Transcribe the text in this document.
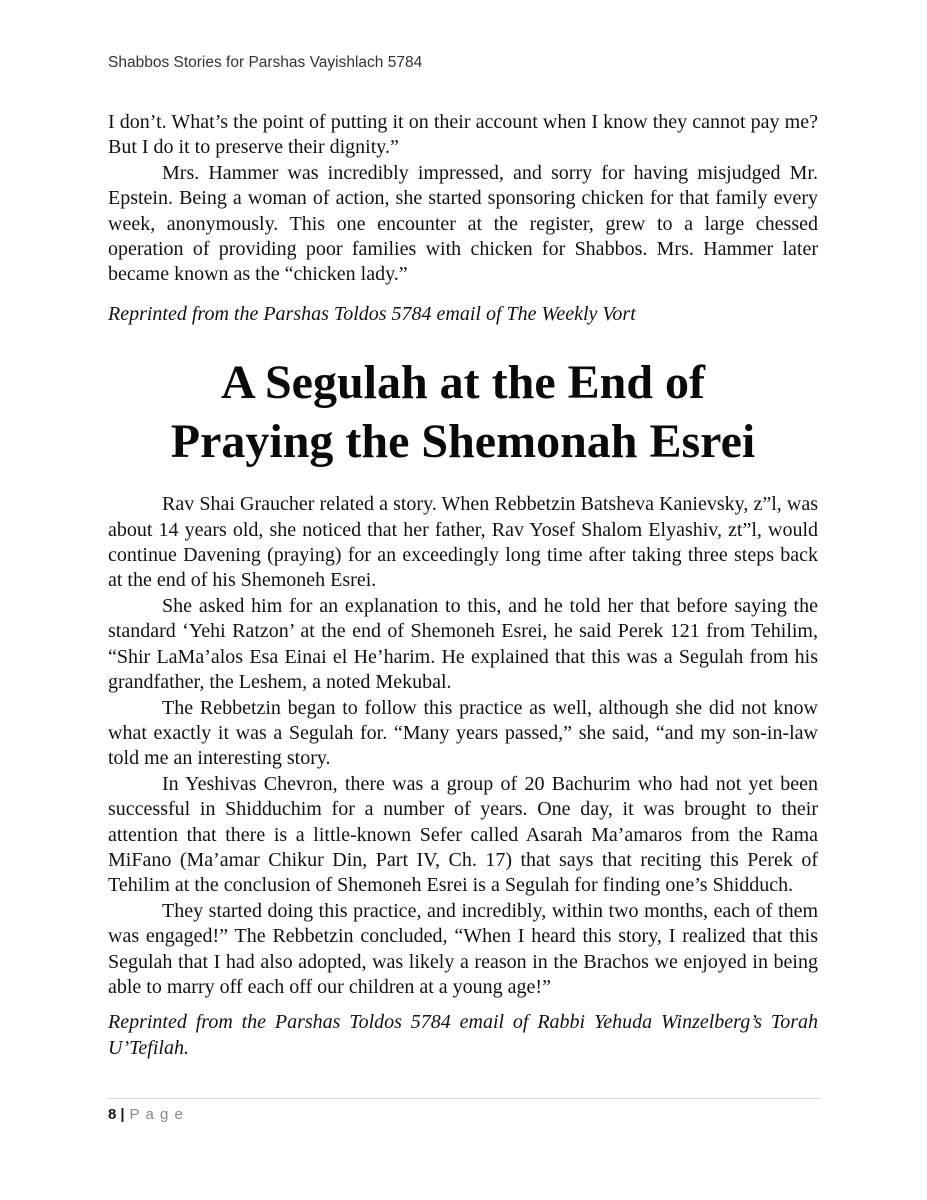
Shabbos Stories for Parshas Vayishlach 5784

I don’t. What’s the point of putting it on their account when I know they cannot pay me? But I do it to preserve their dignity.”

Mrs. Hammer was incredibly impressed, and sorry for having misjudged Mr. Epstein. Being a woman of action, she started sponsoring chicken for that family every week, anonymously. This one encounter at the register, grew to a large chessed operation of providing poor families with chicken for Shabbos. Mrs. Hammer later became known as the “chicken lady.”

Reprinted from the Parshas Toldos 5784 email of The Weekly Vort

A Segulah at the End of
Praying the Shemonah Esrei

Rav Shai Graucher related a story. When Rebbetzin Batsheva Kanievsky, z”l, was about 14 years old, she noticed that her father, Rav Yosef Shalom Elyashiv, zt”l, would continue Davening (praying) for an exceedingly long time after taking three steps back at the end of his Shemoneh Esrei.

She asked him for an explanation to this, and he told her that before saying the standard ‘Yehi Ratzon’ at the end of Shemoneh Esrei, he said Perek 121 from Tehilim, “Shir LaMa’alos Esa Einai el He’harim. He explained that this was a Segulah from his grandfather, the Leshem, a noted Mekubal.

The Rebbetzin began to follow this practice as well, although she did not know what exactly it was a Segulah for. “Many years passed,” she said, “and my son-in-law told me an interesting story.

In Yeshivas Chevron, there was a group of 20 Bachurim who had not yet been successful in Shidduchim for a number of years. One day, it was brought to their attention that there is a little-known Sefer called Asarah Ma’amaros from the Rama MiFano (Ma’amar Chikur Din, Part IV, Ch. 17) that says that reciting this Perek of Tehilim at the conclusion of Shemoneh Esrei is a Segulah for finding one’s Shidduch.

They started doing this practice, and incredibly, within two months, each of them was engaged!” The Rebbetzin concluded, “When I heard this story, I realized that this Segulah that I had also adopted, was likely a reason in the Brachos we enjoyed in being able to marry off each off our children at a young age!”

Reprinted from the Parshas Toldos 5784 email of Rabbi Yehuda Winzelberg’s Torah U’Tefilah.

8 | P a g e
